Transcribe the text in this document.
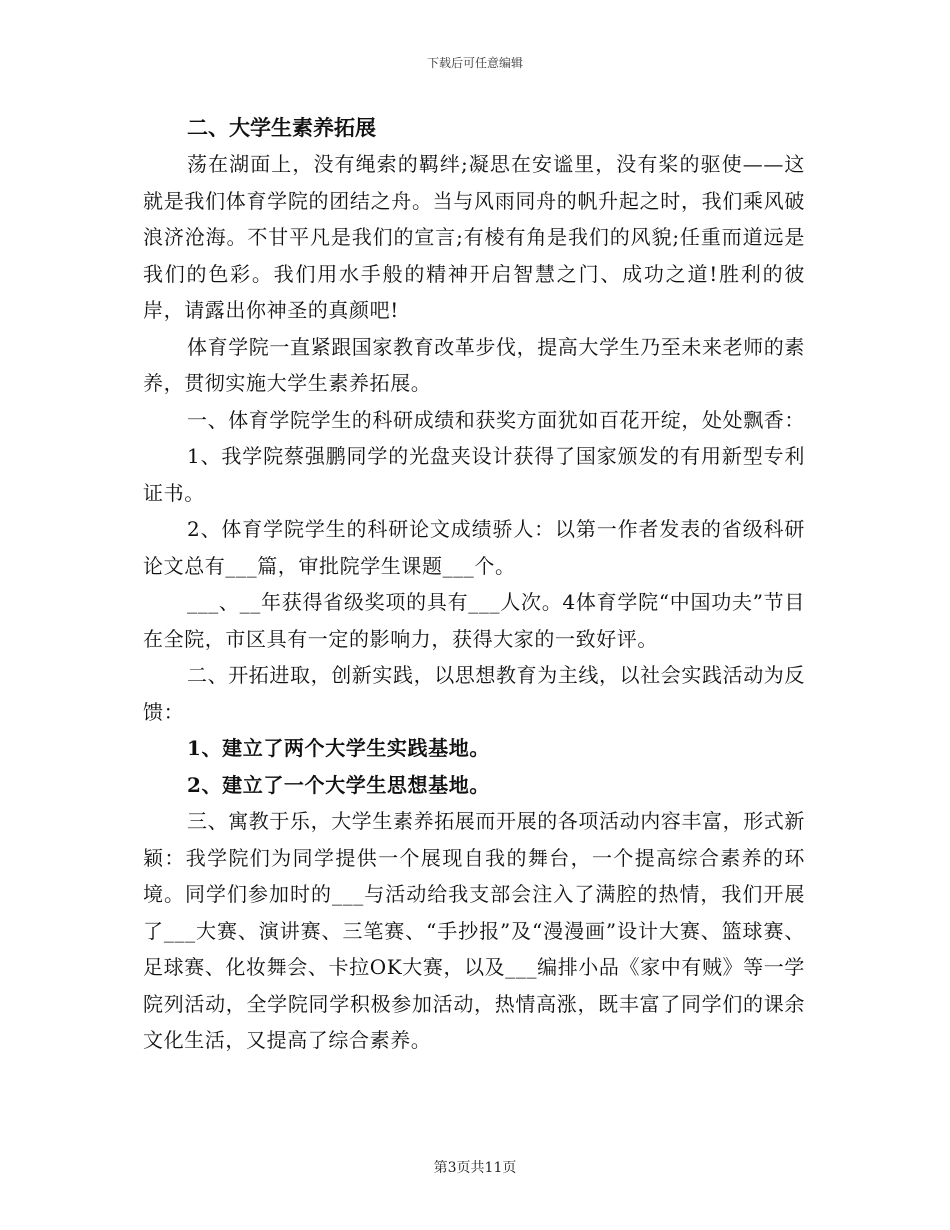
下载后可任意编辑

二、大学生素养拓展

荡在湖面上，没有绳索的羁绊;凝思在安谧里，没有桨的驱使——这就是我们体育学院的团结之舟。当与风雨同舟的帆升起之时，我们乘风破浪济沧海。不甘平凡是我们的宣言;有棱有角是我们的风貌;任重而道远是我们的色彩。我们用水手般的精神开启智慧之门、成功之道!胜利的彼岸，请露出你神圣的真颜吧!

体育学院一直紧跟国家教育改革步伐，提高大学生乃至未来老师的素养，贯彻实施大学生素养拓展。

一、体育学院学生的科研成绩和获奖方面犹如百花开绽，处处飘香：

1、我学院蔡强鹏同学的光盘夹设计获得了国家颁发的有用新型专利证书。

2、体育学院学生的科研论文成绩骄人：以第一作者发表的省级科研论文总有___篇，审批院学生课题___个。

___、__年获得省级奖项的具有___人次。4体育学院“中国功夫”节目在全院，市区具有一定的影响力，获得大家的一致好评。

二、开拓进取，创新实践，以思想教育为主线，以社会实践活动为反馈：

1、建立了两个大学生实践基地。

2、建立了一个大学生思想基地。

三、寓教于乐，大学生素养拓展而开展的各项活动内容丰富，形式新颖：我学院们为同学提供一个展现自我的舞台，一个提高综合素养的环境。同学们参加时的___与活动给我支部会注入了满腔的热情，我们开展了___大赛、演讲赛、三笔赛、“手抄报”及“漫漫画”设计大赛、篮球赛、足球赛、化妆舞会、卡拉OK大赛，以及___编排小品《家中有贼》等一学院列活动，全学院同学积极参加活动，热情高涨，既丰富了同学们的课余文化生活，又提高了综合素养。

第3页共11页
